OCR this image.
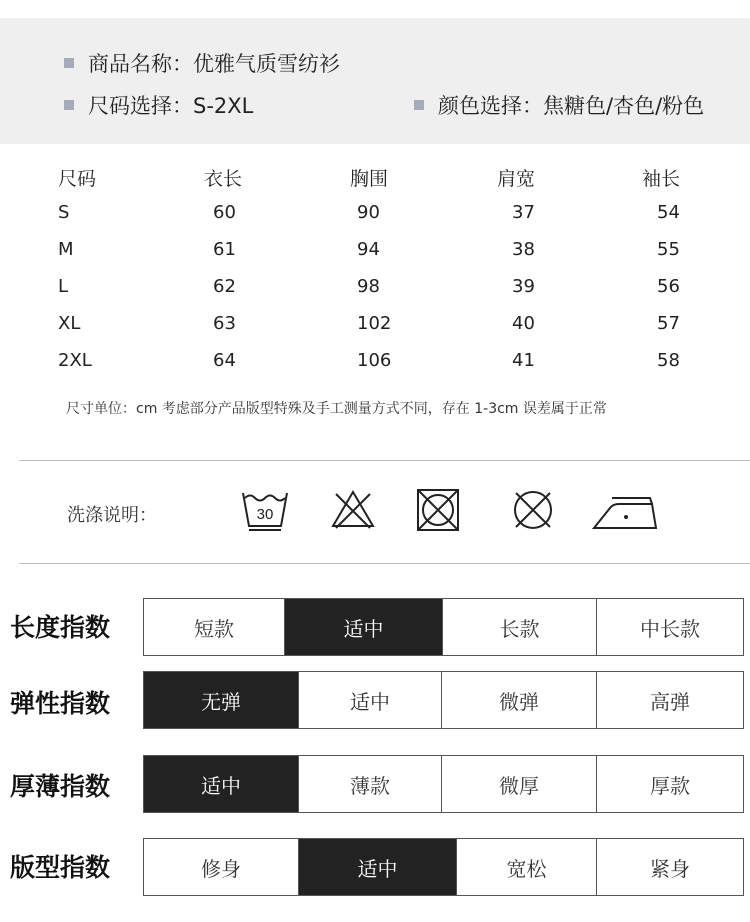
商品名称：优雅气质雪纺衫
尺码选择：S-2XL	颜色选择：焦糖色/杏色/粉色
尺码	衣长	胸围	肩宽	袖长
S	60	90	37	54
M	61	94	38	55
L	62	98	39	56
XL	63	102	40	57
2XL	64	106	41	58
尺寸单位：cm 考虑部分产品版型特殊及手工测量方式不同，存在 1-3cm 误差属于正常
洗涤说明：	30
长度指数	短款	适中	长款	中长款
弹性指数	无弹	适中	微弹	高弹
厚薄指数	适中	薄款	微厚	厚款
版型指数	修身	适中	宽松	紧身
